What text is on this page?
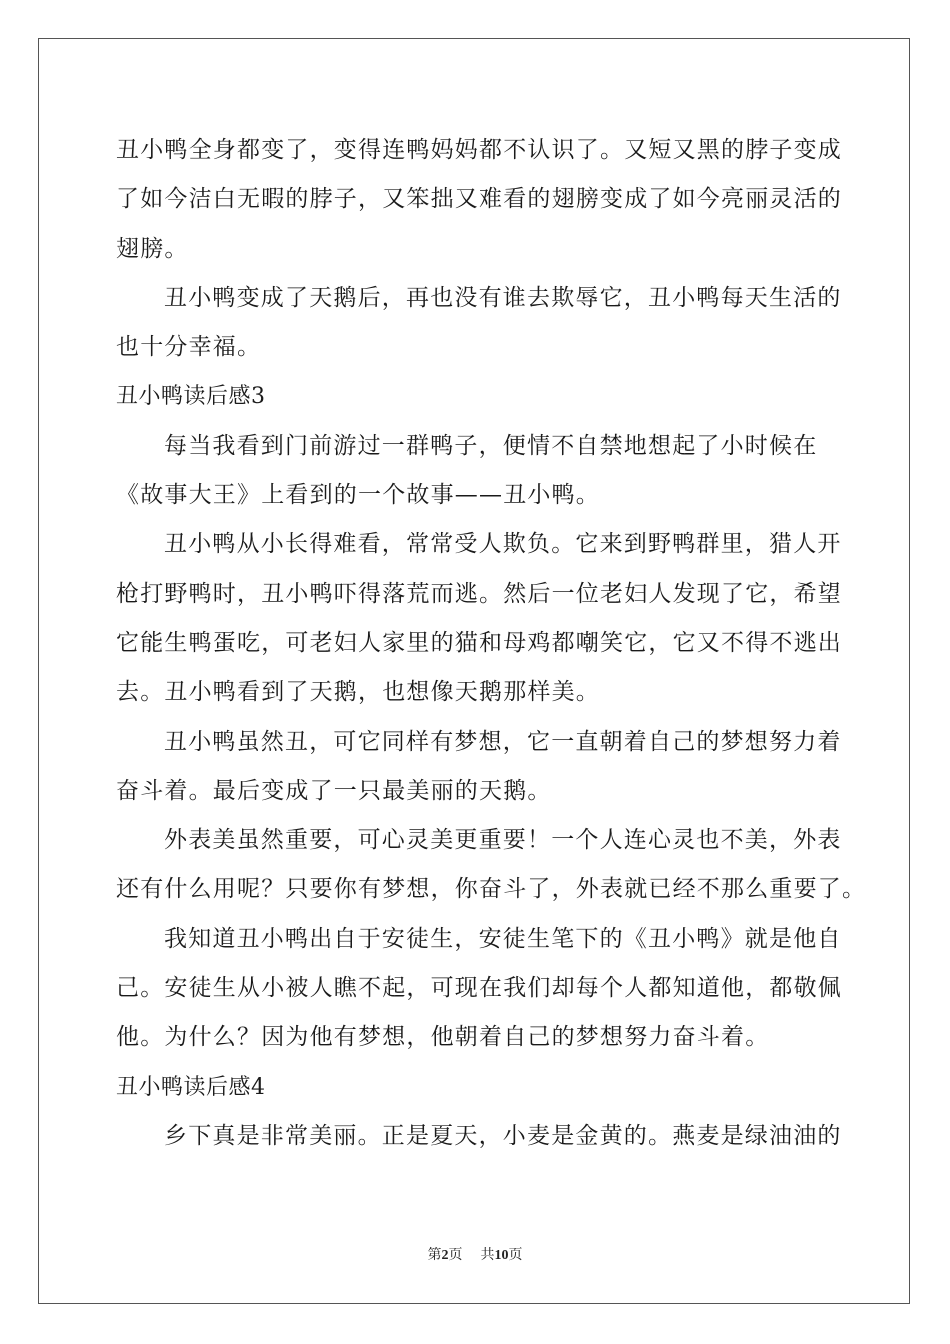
丑小鸭全身都变了，变得连鸭妈妈都不认识了。又短又黑的脖子变成
了如今洁白无暇的脖子，又笨拙又难看的翅膀变成了如今亮丽灵活的
翅膀。
丑小鸭变成了天鹅后，再也没有谁去欺辱它，丑小鸭每天生活的
也十分幸福。
丑小鸭读后感3
每当我看到门前游过一群鸭子，便情不自禁地想起了小时候在
《故事大王》上看到的一个故事——丑小鸭。
丑小鸭从小长得难看，常常受人欺负。它来到野鸭群里，猎人开
枪打野鸭时，丑小鸭吓得落荒而逃。然后一位老妇人发现了它，希望
它能生鸭蛋吃，可老妇人家里的猫和母鸡都嘲笑它，它又不得不逃出
去。丑小鸭看到了天鹅，也想像天鹅那样美。
丑小鸭虽然丑，可它同样有梦想，它一直朝着自己的梦想努力着
奋斗着。最后变成了一只最美丽的天鹅。
外表美虽然重要，可心灵美更重要！一个人连心灵也不美，外表
还有什么用呢？只要你有梦想，你奋斗了，外表就已经不那么重要了。
我知道丑小鸭出自于安徒生，安徒生笔下的《丑小鸭》就是他自
己。安徒生从小被人瞧不起，可现在我们却每个人都知道他，都敬佩
他。为什么？因为他有梦想，他朝着自己的梦想努力奋斗着。
丑小鸭读后感4
乡下真是非常美丽。正是夏天，小麦是金黄的。燕麦是绿油油的
第2页 共10页
